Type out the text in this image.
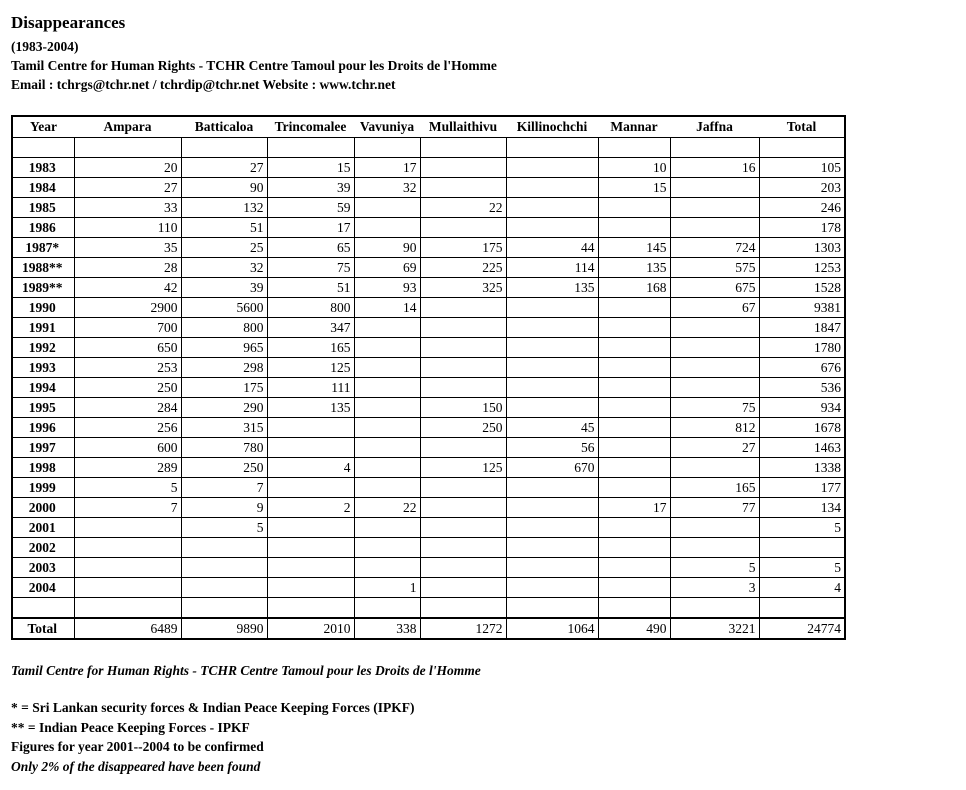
Disappearances
(1983-2004)
Tamil Centre for Human Rights - TCHR Centre Tamoul pour les Droits de l'Homme
Email : tchrgs@tchr.net / tchrdip@tchr.net Website : www.tchr.net
Year	Ampara	Batticaloa	Trincomalee	Vavuniya	Mullaithivu	Killinochchi	Mannar	Jaffna	Total

1983	20	27	15	17			10	16	105
1984	27	90	39	32			15		203
1985	33	132	59		22				246
1986	110	51	17						178
1987*	35	25	65	90	175	44	145	724	1303
1988**	28	32	75	69	225	114	135	575	1253
1989**	42	39	51	93	325	135	168	675	1528
1990	2900	5600	800	14				67	9381
1991	700	800	347						1847
1992	650	965	165						1780
1993	253	298	125						676
1994	250	175	111						536
1995	284	290	135		150			75	934
1996	256	315			250	45		812	1678
1997	600	780				56		27	1463
1998	289	250	4		125	670			1338
1999	5	7						165	177
2000	7	9	2	22			17	77	134
2001		5							5
2002									
2003								5	5
2004				1				3	4

Total	6489	9890	2010	338	1272	1064	490	3221	24774
Tamil Centre for Human Rights - TCHR Centre Tamoul pour les Droits de l'Homme
* = Sri Lankan security forces & Indian Peace Keeping Forces (IPKF)
** = Indian Peace Keeping Forces - IPKF
Figures for year 2001--2004 to be confirmed
Only 2% of the disappeared have been found
